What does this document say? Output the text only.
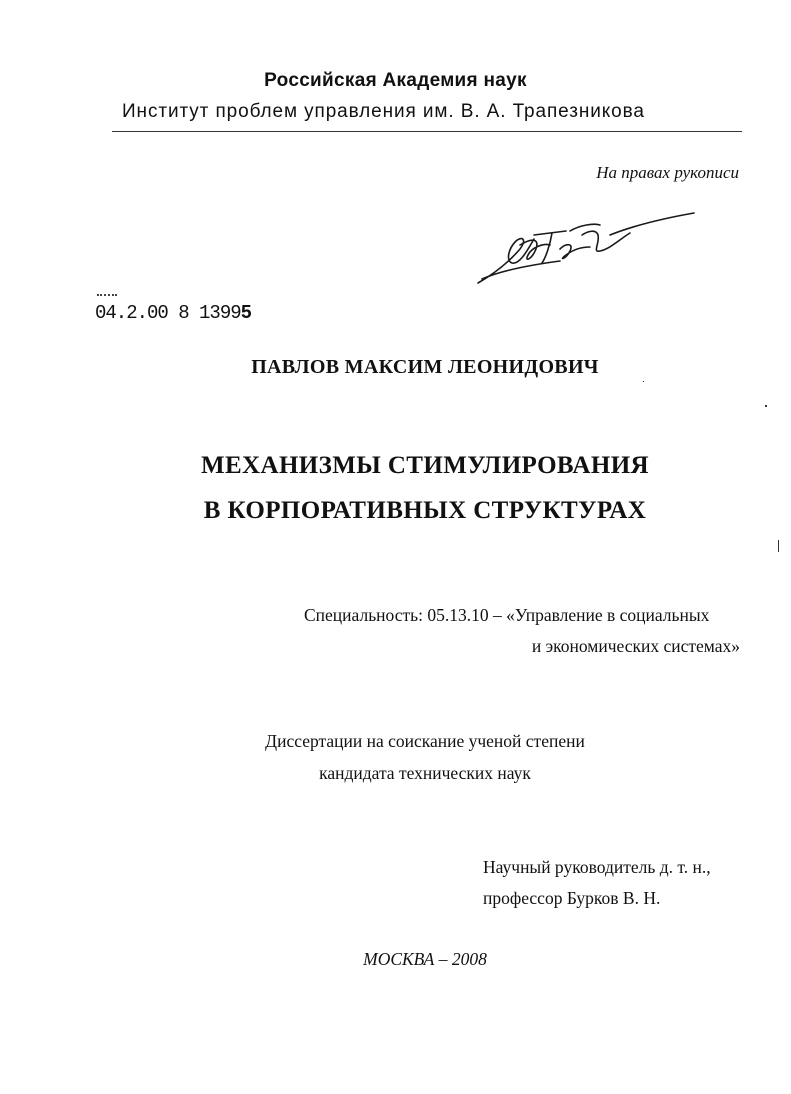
Российская Академия наук
Институт проблем управления им. В. А. Трапезникова
На правах рукописи
04.2.00 8 13995
ПАВЛОВ МАКСИМ ЛЕОНИДОВИЧ
МЕХАНИЗМЫ СТИМУЛИРОВАНИЯ
В КОРПОРАТИВНЫХ СТРУКТУРАХ
Специальность: 05.13.10 – «Управление в социальных
и экономических системах»
Диссертации на соискание ученой степени
кандидата технических наук
Научный руководитель д. т. н.,
профессор Бурков В. Н.
МОСКВА – 2008
